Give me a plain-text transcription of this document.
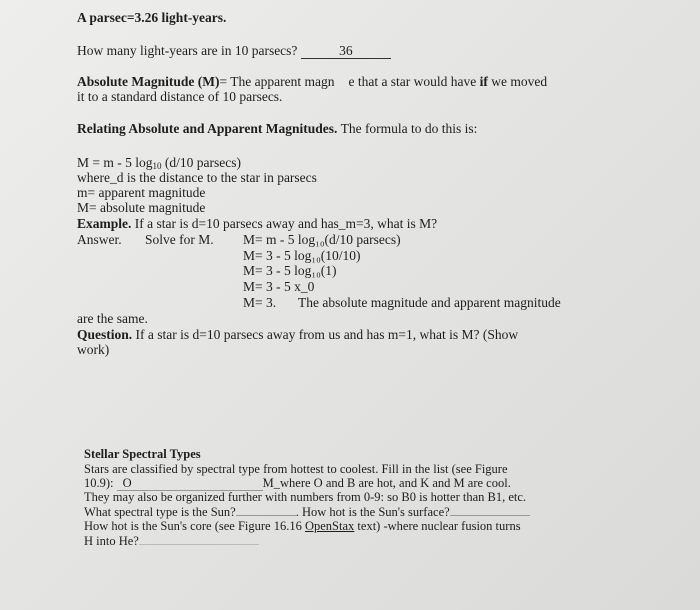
A parsec=3.26 light-years.
How many light-years are in 10 parsecs?	36
Absolute Magnitude (M)= The apparent magn e that a star would have if we moved
it to a standard distance of 10 parsecs.
Relating Absolute and Apparent Magnitudes. The formula to do this is:
M = m - 5 $\log_{10} (d/10$ parsecs)
where_d is the distance to the star in parsecs
m= apparent magnitude
M= absolute magnitude
Example. If a star is d=10 parsecs away and has_m=3, what is M?
Answer. Solve for M. M= m - 5 log₁₀(d/10 parsecs)
M= 3 - 5 log₁₀(10/10)
M= 3 - 5 log₁₀(1)
M= 3 - 5 x_0
M= 3. The absolute magnitude and apparent magnitude
are the same.
Question. If a star is d=10 parsecs away from us and has m=1, what is M? (Show
work)
Stellar Spectral Types
Stars are classified by spectral type from hottest to coolest. Fill in the list (see Figure
10.9): O	M_where O and B are hot, and K and M are cool.
They may also be organized further with numbers from 0-9: so B0 is hotter than B1, etc.
What spectral type is the Sun?	. How hot is the Sun's surface?
How hot is the Sun's core (see Figure 16.16 OpenStax text) -where nuclear fusion turns
H into He?
